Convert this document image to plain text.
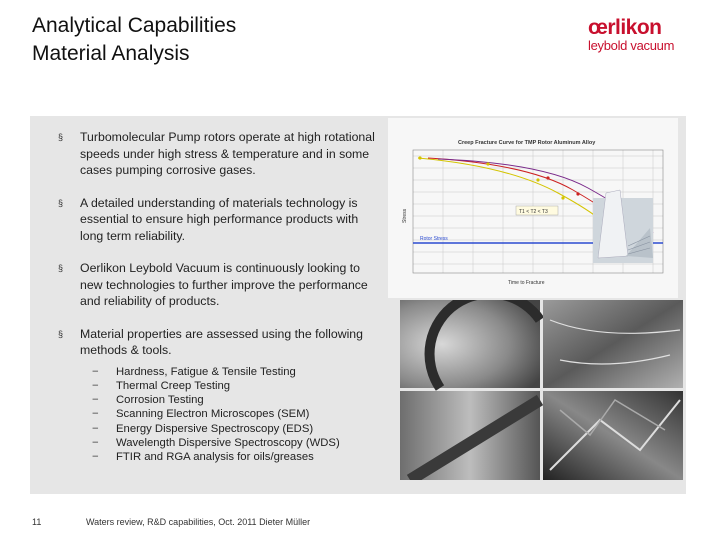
Analytical Capabilities
Material Analysis
œrlikon
leybold vacuum
§ Turbomolecular Pump rotors operate at high rotational speeds under high stress & temperature and in some cases pumping corrosive gases.
§ A detailed understanding of materials technology is essential to ensure high performance products with long term reliability.
§ Oerlikon Leybold Vacuum is continuously looking to new technologies to further improve the performance and reliability of products.
§ Material properties are assessed using the following methods & tools.
− Hardness, Fatigue & Tensile Testing
− Thermal Creep Testing
− Corrosion Testing
− Scanning Electron Microscopes (SEM)
− Energy Dispersive Spectroscopy (EDS)
− Wavelength Dispersive Spectroscopy (WDS)
− FTIR and RGA analysis for oils/greases
Creep Fracture Curve for TMP Rotor Aluminum Alloy
Stress
Rotor Stress
T1 < T2 < T3
Time to Fracture
11	Waters review, R&D capabilities, Oct. 2011 Dieter Müller
